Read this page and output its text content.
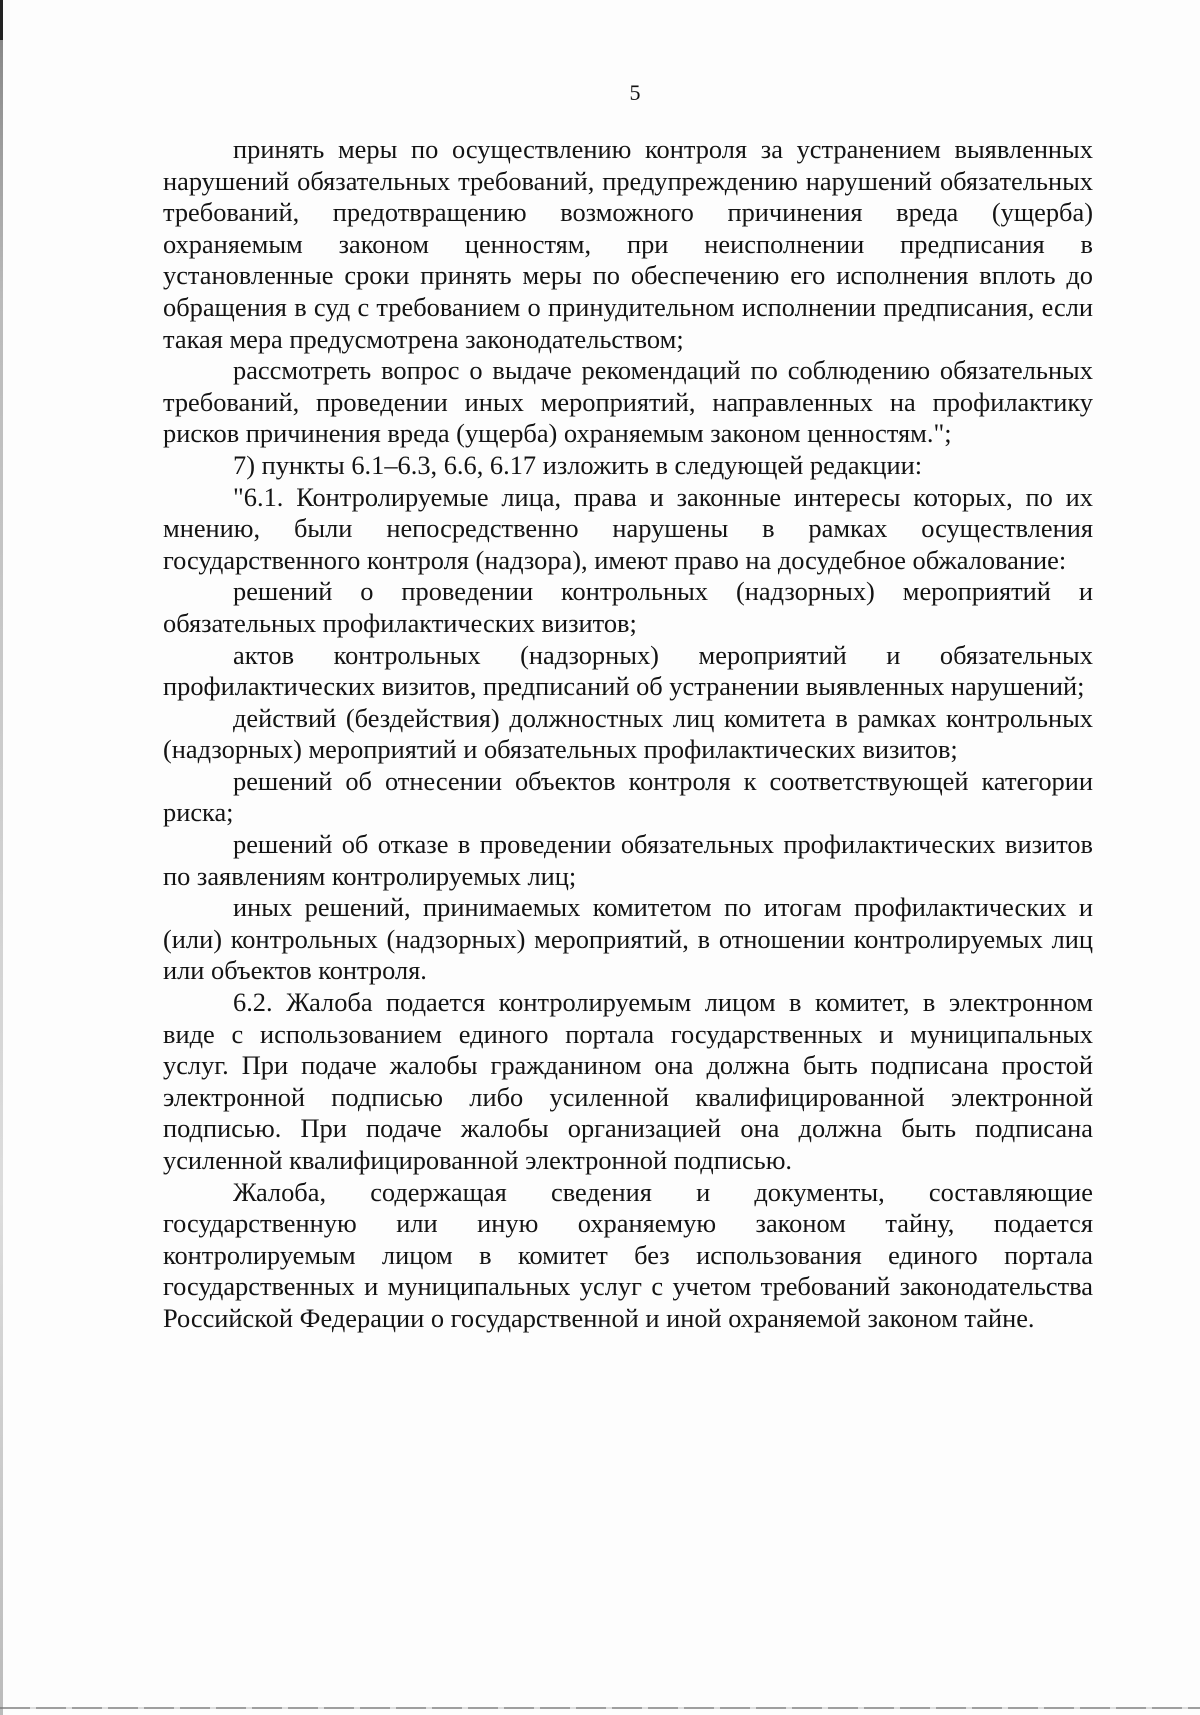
5

принять меры по осуществлению контроля за устранением выявленных нарушений обязательных требований, предупреждению нарушений обязательных требований, предотвращению возможного причинения вреда (ущерба) охраняемым законом ценностям, при неисполнении предписания в установленные сроки принять меры по обеспечению его исполнения вплоть до обращения в суд с требованием о принудительном исполнении предписания, если такая мера предусмотрена законодательством;

рассмотреть вопрос о выдаче рекомендаций по соблюдению обязательных требований, проведении иных мероприятий, направленных на профилактику рисков причинения вреда (ущерба) охраняемым законом ценностям.";

7) пункты 6.1–6.3, 6.6, 6.17 изложить в следующей редакции:

"6.1. Контролируемые лица, права и законные интересы которых, по их мнению, были непосредственно нарушены в рамках осуществления государственного контроля (надзора), имеют право на досудебное обжалование:

решений о проведении контрольных (надзорных) мероприятий и обязательных профилактических визитов;

актов контрольных (надзорных) мероприятий и обязательных профилактических визитов, предписаний об устранении выявленных нарушений;

действий (бездействия) должностных лиц комитета в рамках контрольных (надзорных) мероприятий и обязательных профилактических визитов;

решений об отнесении объектов контроля к соответствующей категории риска;

решений об отказе в проведении обязательных профилактических визитов по заявлениям контролируемых лиц;

иных решений, принимаемых комитетом по итогам профилактических и (или) контрольных (надзорных) мероприятий, в отношении контролируемых лиц или объектов контроля.

6.2. Жалоба подается контролируемым лицом в комитет, в электронном виде с использованием единого портала государственных и муниципальных услуг. При подаче жалобы гражданином она должна быть подписана простой электронной подписью либо усиленной квалифицированной электронной подписью. При подаче жалобы организацией она должна быть подписана усиленной квалифицированной электронной подписью.

Жалоба, содержащая сведения и документы, составляющие государственную или иную охраняемую законом тайну, подается контролируемым лицом в комитет без использования единого портала государственных и муниципальных услуг с учетом требований законодательства Российской Федерации о государственной и иной охраняемой законом тайне.
